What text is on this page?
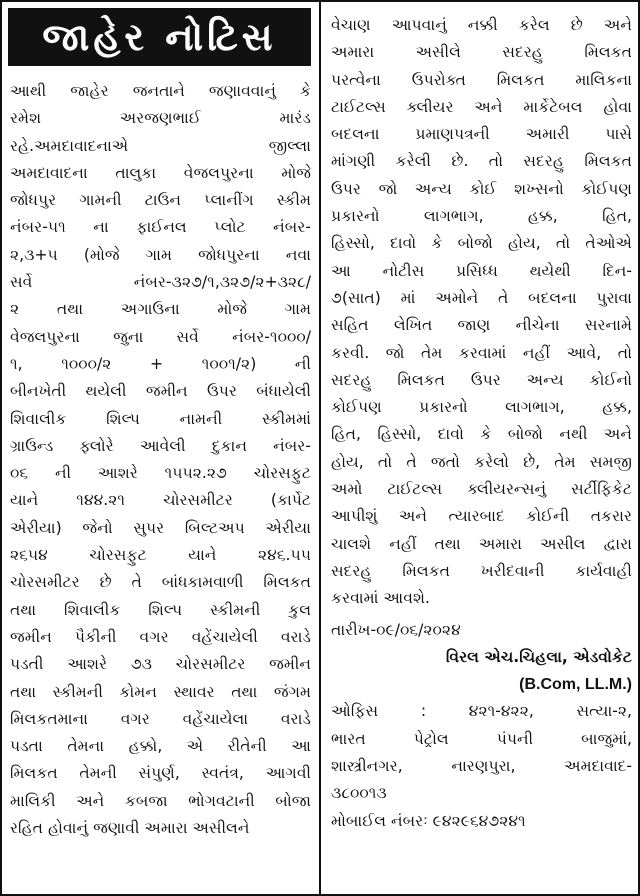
જાહેર નોટિસ
આથી જાહેર જનતાને જણાવવાનું કે
રમેશ અરજણભાઈ મારંડ
રહે.અમદાવાદનાએ જીલ્લા
અમદાવાદના તાલુકા વેજલપુરના મોજે
જોધપુર ગામની ટાઉન પ્લાનીંગ સ્કીમ
નંબર-૫૧ ના ફાઈનલ પ્લોટ નંબર-
૨,૩+૫ (મોજે ગામ જોધપુરના નવા
સર્વે નંબર-૩૨૭/૧,૩૨૭/૨+૩૨૮/
૨ તથા અગાઉના મોજે ગામ
વેજલપુરના જુના સર્વે નંબર-૧૦૦૦/
૧, ૧૦૦૦/૨ + ૧૦૦૧/૨) ની
બીનખેતી થયેલી જમીન ઉપર બંધાયેલી
શિવાલીક શિલ્પ નામની સ્કીમમાં
ગ્રાઉન્ડ ફ્લોરે આવેલી દુકાન નંબર-
૦૬ ની આશરે ૧૫૫૨.૨૭ ચોરસફુટ
યાને ૧૪૪.૨૧ ચોરસમીટર (કાર્પેટ
એરીયા) જેનો સુપર બિલ્ટઅપ એરીયા
૨૬૫૪ ચોરસફુટ યાને ૨૪૬.૫૫
ચોરસમીટર છે તે બાંધકામવાળી મિલકત
તથા શિવાલીક શિલ્પ સ્કીમની કુલ
જમીન પૈકીની વગર વહેંચાયેલી વરાડે
પડતી આશરે ૭૩ ચોરસમીટર જમીન
તથા સ્કીમની કોમન સ્થાવર તથા જંગમ
મિલકતમાના વગર વહેંચાયેલા વરાડે
પડતા તેમના હક્કો, એ રીતેની આ
મિલકત તેમની સંપુર્ણ, સ્વતંત્ર, આગવી
માલિકી અને કબજા ભોગવટાની બોજા
રહિત હોવાનું જણાવી અમારા અસીલને
વેચાણ આપવાનું નક્કી કરેલ છે અને
અમારા અસીલે સદરહુ મિલકત
પરત્વેના ઉપરોક્ત મિલકત માલિકના
ટાઈટલ્સ ક્લીયર અને માર્કેટેબલ હોવા
બદલના પ્રમાણપત્રની અમારી પાસે
માંગણી કરેલી છે. તો સદરહુ મિલકત
ઉપર જો અન્ય કોઈ શખ્સનો કોઈપણ
પ્રકારનો લાગભાગ, હક્ક, હિત,
હિસ્સો, દાવો કે બોજો હોય, તો તેઓએ
આ નોટીસ પ્રસિધ્ધ થયેથી દિન-
૭(સાત) માં અમોને તે બદલના પુરાવા
સહિત લેખિત જાણ નીચેના સરનામે
કરવી. જો તેમ કરવામાં નહીં આવે, તો
સદરહુ મિલકત ઉપર અન્ય કોઈનો
કોઈપણ પ્રકારનો લાગભાગ, હક્ક,
હિત, હિસ્સો, દાવો કે બોજો નથી અને
હોય, તો તે જતો કરેલો છે, તેમ સમજી
અમો ટાઈટલ્સ ક્લીયરન્સનું સર્ટીફિકેટ
આપીશું અને ત્યારબાદ કોઈની તકરાર
ચાલશે નહીં તથા અમારા અસીલ દ્વારા
સદરહુ મિલકત ખરીદવાની કાર્યવાહી
કરવામાં આવશે.
તારીખ-૦૯/૦૬/૨૦૨૪
વિરલ એચ.ચિહલા, એડવોકેટ
(B.Com, LL.M.)
ઓફિસ : ૪૨૧-૪૨૨, સત્યા-૨,
ભારત પેટ્રોલ પંપની બાજુમાં,
શાસ્ત્રીનગર, નારણપુરા, અમદાવાદ-
૩૮૦૦૧૩
મોબાઈલ નંબરઃ ૯૪૨૯૬૪૭૨૪૧
